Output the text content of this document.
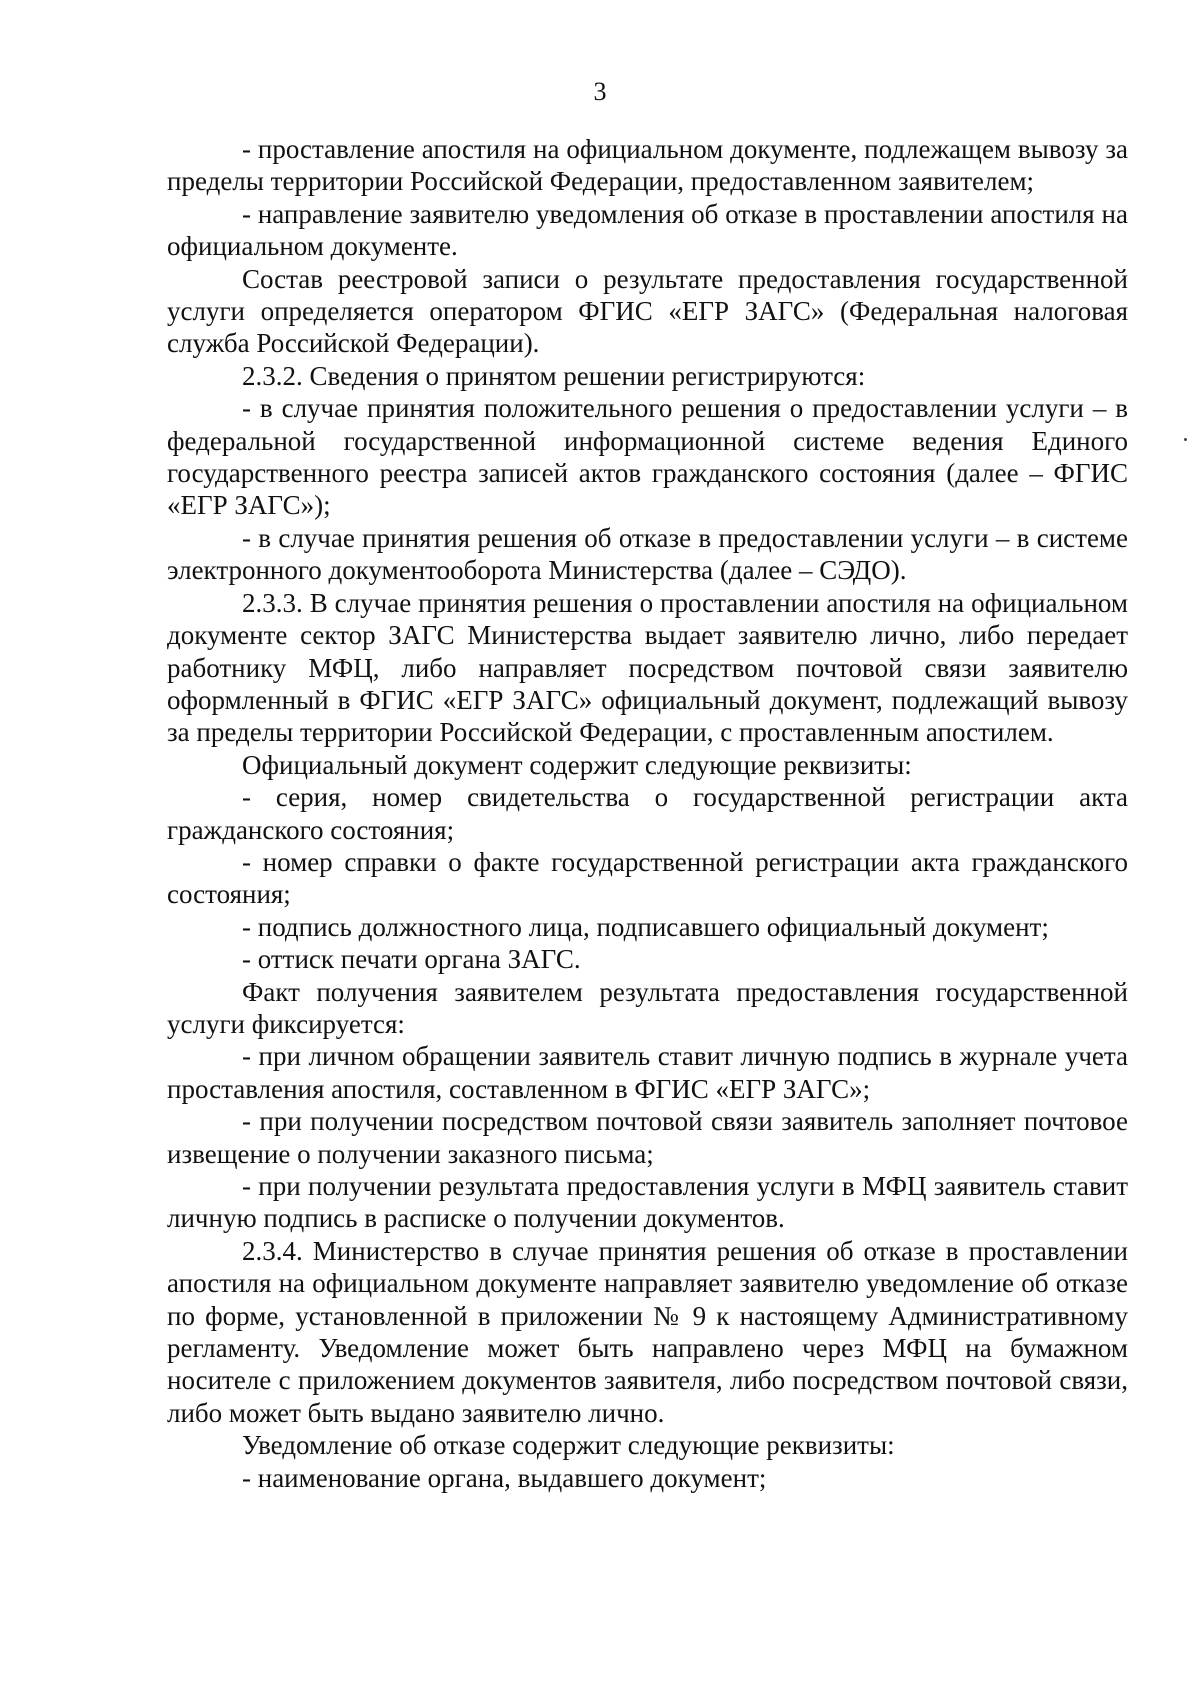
3

- проставление апостиля на официальном документе, подлежащем вывозу за пределы территории Российской Федерации, предоставленном заявителем;

- направление заявителю уведомления об отказе в проставлении апостиля на официальном документе.

Состав реестровой записи о результате предоставления государственной услуги определяется оператором ФГИС «ЕГР ЗАГС» (Федеральная налоговая служба Российской Федерации).

2.3.2. Сведения о принятом решении регистрируются:

- в случае принятия положительного решения о предоставлении услуги – в федеральной государственной информационной системе ведения Единого государственного реестра записей актов гражданского состояния (далее – ФГИС «ЕГР ЗАГС»);

- в случае принятия решения об отказе в предоставлении услуги – в системе электронного документооборота Министерства (далее – СЭДО).

2.3.3. В случае принятия решения о проставлении апостиля на официальном документе сектор ЗАГС Министерства выдает заявителю лично, либо передает работнику МФЦ, либо направляет посредством почтовой связи заявителю оформленный в ФГИС «ЕГР ЗАГС» официальный документ, подлежащий вывозу за пределы территории Российской Федерации, с проставленным апостилем.

Официальный документ содержит следующие реквизиты:

- серия, номер свидетельства о государственной регистрации акта гражданского состояния;

- номер справки о факте государственной регистрации акта гражданского состояния;

- подпись должностного лица, подписавшего официальный документ;

- оттиск печати органа ЗАГС.

Факт получения заявителем результата предоставления государственной услуги фиксируется:

- при личном обращении заявитель ставит личную подпись в журнале учета проставления апостиля, составленном в ФГИС «ЕГР ЗАГС»;

- при получении посредством почтовой связи заявитель заполняет почтовое извещение о получении заказного письма;

- при получении результата предоставления услуги в МФЦ заявитель ставит личную подпись в расписке о получении документов.

2.3.4. Министерство в случае принятия решения об отказе в проставлении апостиля на официальном документе направляет заявителю уведомление об отказе по форме, установленной в приложении № 9 к настоящему Административному регламенту. Уведомление может быть направлено через МФЦ на бумажном носителе с приложением документов заявителя, либо посредством почтовой связи, либо может быть выдано заявителю лично.

Уведомление об отказе содержит следующие реквизиты:

- наименование органа, выдавшего документ;
